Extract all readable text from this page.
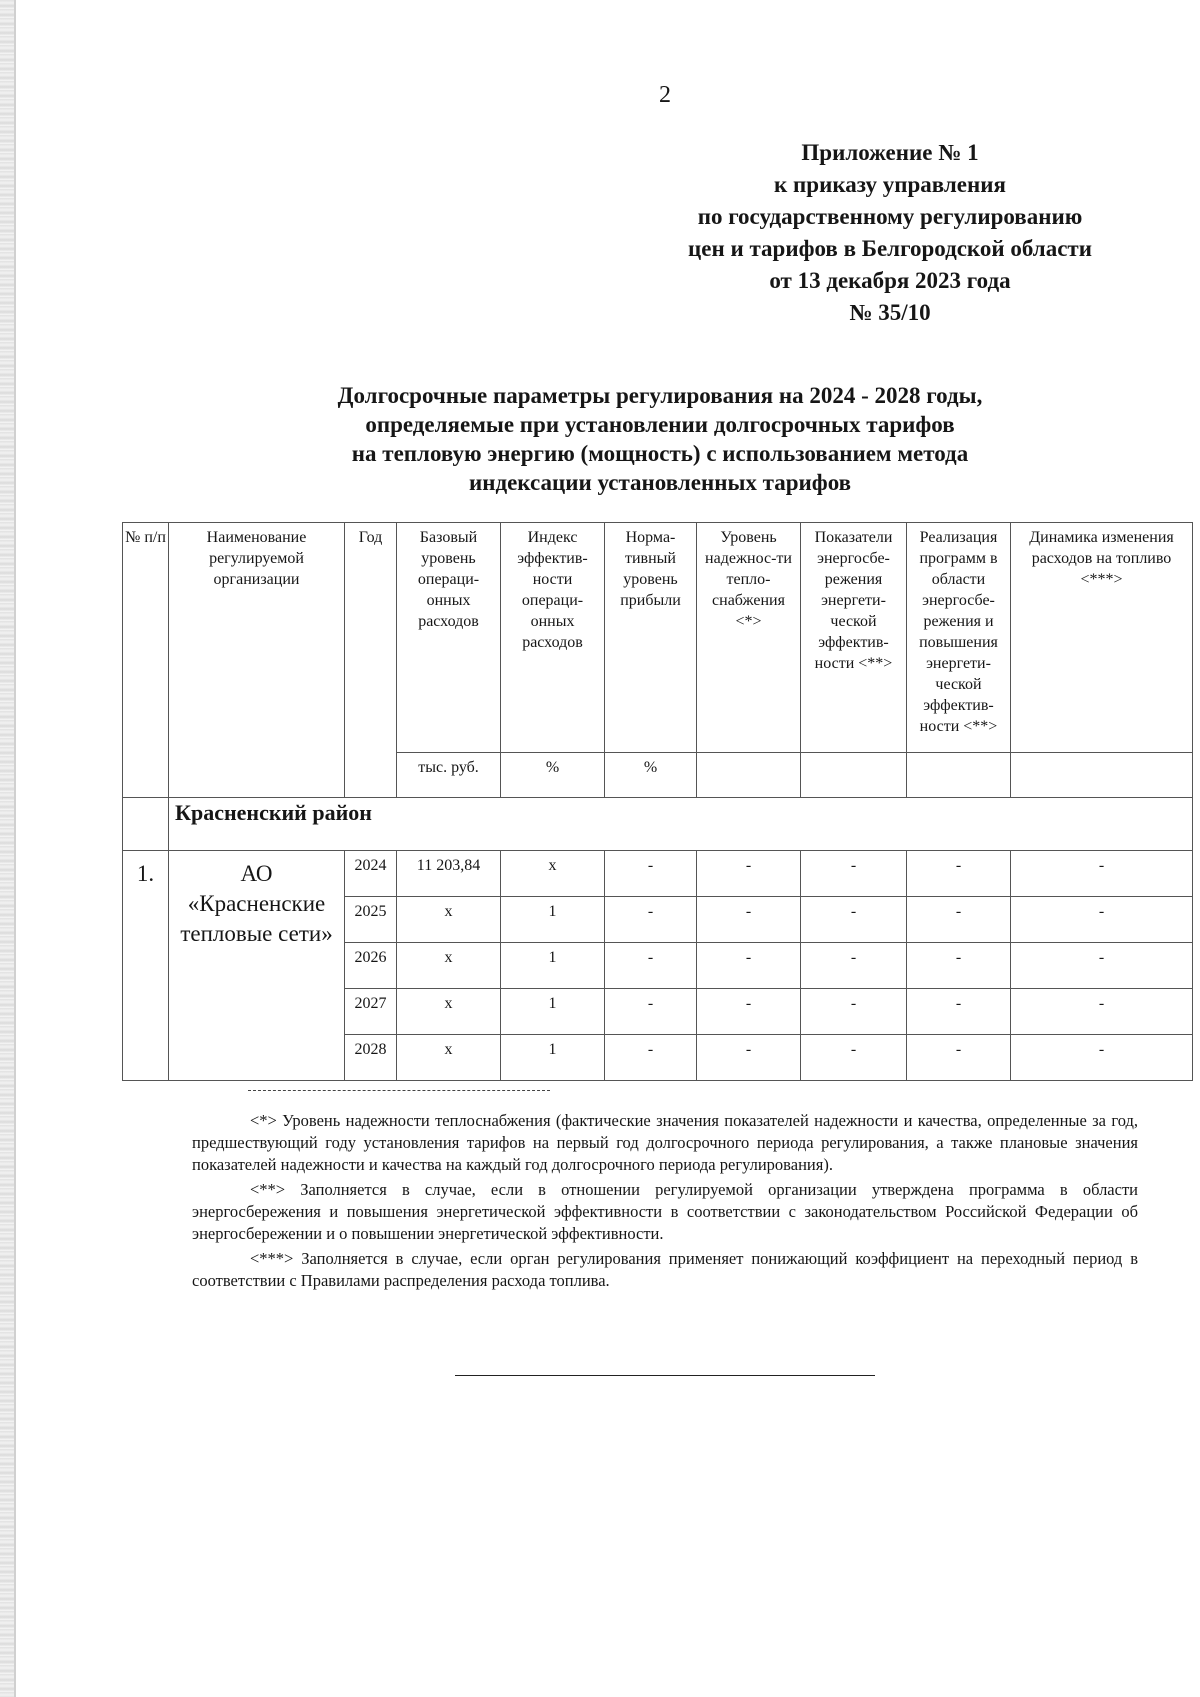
2
Приложение № 1
к приказу управления
по государственному регулированию
цен и тарифов в Белгородской области
от 13 декабря 2023 года
№ 35/10
Долгосрочные параметры регулирования на 2024 - 2028 годы,
определяемые при установлении долгосрочных тарифов
на тепловую энергию (мощность) с использованием метода
индексации установленных тарифов
№ п/п	Наименование регулируемой организации	Год	Базовый уровень операци-онных расходов	Индекс эффектив-ности операци-онных расходов	Норма-тивный уровень прибыли	Уровень надежнос-ти тепло-снабжения <*>	Показатели энергосбе-режения энергети-ческой эффектив-ности <**>	Реализация программ в области энергосбе-режения и повышения энергети-ческой эффектив-ности <**>	Динамика изменения расходов на топливо <***>
			тыс. руб.	%	%				
	Красненский район								
1.	АО «Красненские тепловые сети»	2024	11 203,84	x	-	-	-	-	-
		2025	x	1	-	-	-	-	-
		2026	x	1	-	-	-	-	-
		2027	x	1	-	-	-	-	-
		2028	x	1	-	-	-	-	-

<*> Уровень надежности теплоснабжения (фактические значения показателей надежности и качества, определенные за год, предшествующий году установления тарифов на первый год долгосрочного периода регулирования, а также плановые значения показателей надежности и качества на каждый год долгосрочного периода регулирования).

<**> Заполняется в случае, если в отношении регулируемой организации утверждена программа в области энергосбережения и повышения энергетической эффективности в соответствии с законодательством Российской Федерации об энергосбережении и о повышении энергетической эффективности.

<***> Заполняется в случае, если орган регулирования применяет понижающий коэффициент на переходный период в соответствии с Правилами распределения расхода топлива.
